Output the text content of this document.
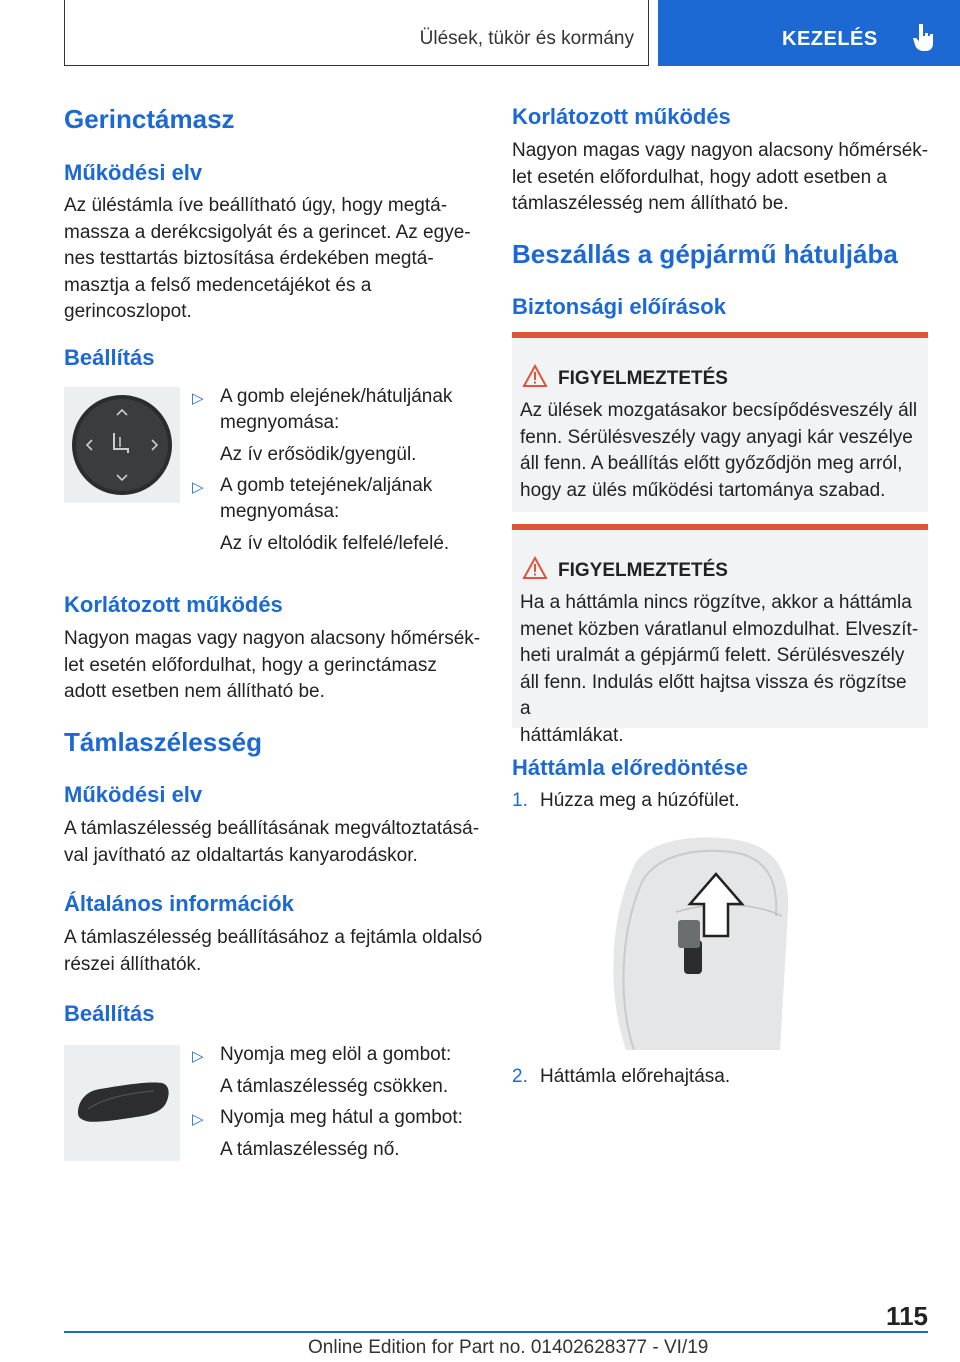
Ülések, tükör és kormány	KEZELÉS
Gerinctámasz
Működési elv
Az üléstámla íve beállítható úgy, hogy megtá-
massza a derékcsigolyát és a gerincet. Az egye-
nes testtartás biztosítása érdekében megtá-
masztja a felső medencetájékot és a
gerincoszlopot.
Beállítás
▷ A gomb elejének/hátuljának
megnyomása:
Az ív erősödik/gyengül.
▷ A gomb tetejének/aljának
megnyomása:
Az ív eltolódik felfelé/lefelé.
Korlátozott működés
Nagyon magas vagy nagyon alacsony hőmérsék-
let esetén előfordulhat, hogy a gerinctámasz
adott esetben nem állítható be.
Támlaszélesség
Működési elv
A támlaszélesség beállításának megváltoztatásá-
val javítható az oldaltartás kanyarodáskor.
Általános információk
A támlaszélesség beállításához a fejtámla oldalsó
részei állíthatók.
Beállítás
▷ Nyomja meg elöl a gombot:
A támlaszélesség csökken.
▷ Nyomja meg hátul a gombot:
A támlaszélesség nő.
Korlátozott működés
Nagyon magas vagy nagyon alacsony hőmérsék-
let esetén előfordulhat, hogy adott esetben a
támlaszélesség nem állítható be.
Beszállás a gépjármű hátuljába
Biztonsági előírások
FIGYELMEZTETÉS
Az ülések mozgatásakor becsípődésveszély áll
fenn. Sérülésveszély vagy anyagi kár veszélye
áll fenn. A beállítás előtt győződjön meg arról,
hogy az ülés működési tartománya szabad.
FIGYELMEZTETÉS
Ha a háttámla nincs rögzítve, akkor a háttámla
menet közben váratlanul elmozdulhat. Elveszít-
heti uralmát a gépjármű felett. Sérülésveszély
áll fenn. Indulás előtt hajtsa vissza és rögzítse a
háttámlákat.
Háttámla előredöntése
1. Húzza meg a húzófület.
2. Háttámla előrehajtása.
115
Online Edition for Part no. 01402628377 - VI/19
